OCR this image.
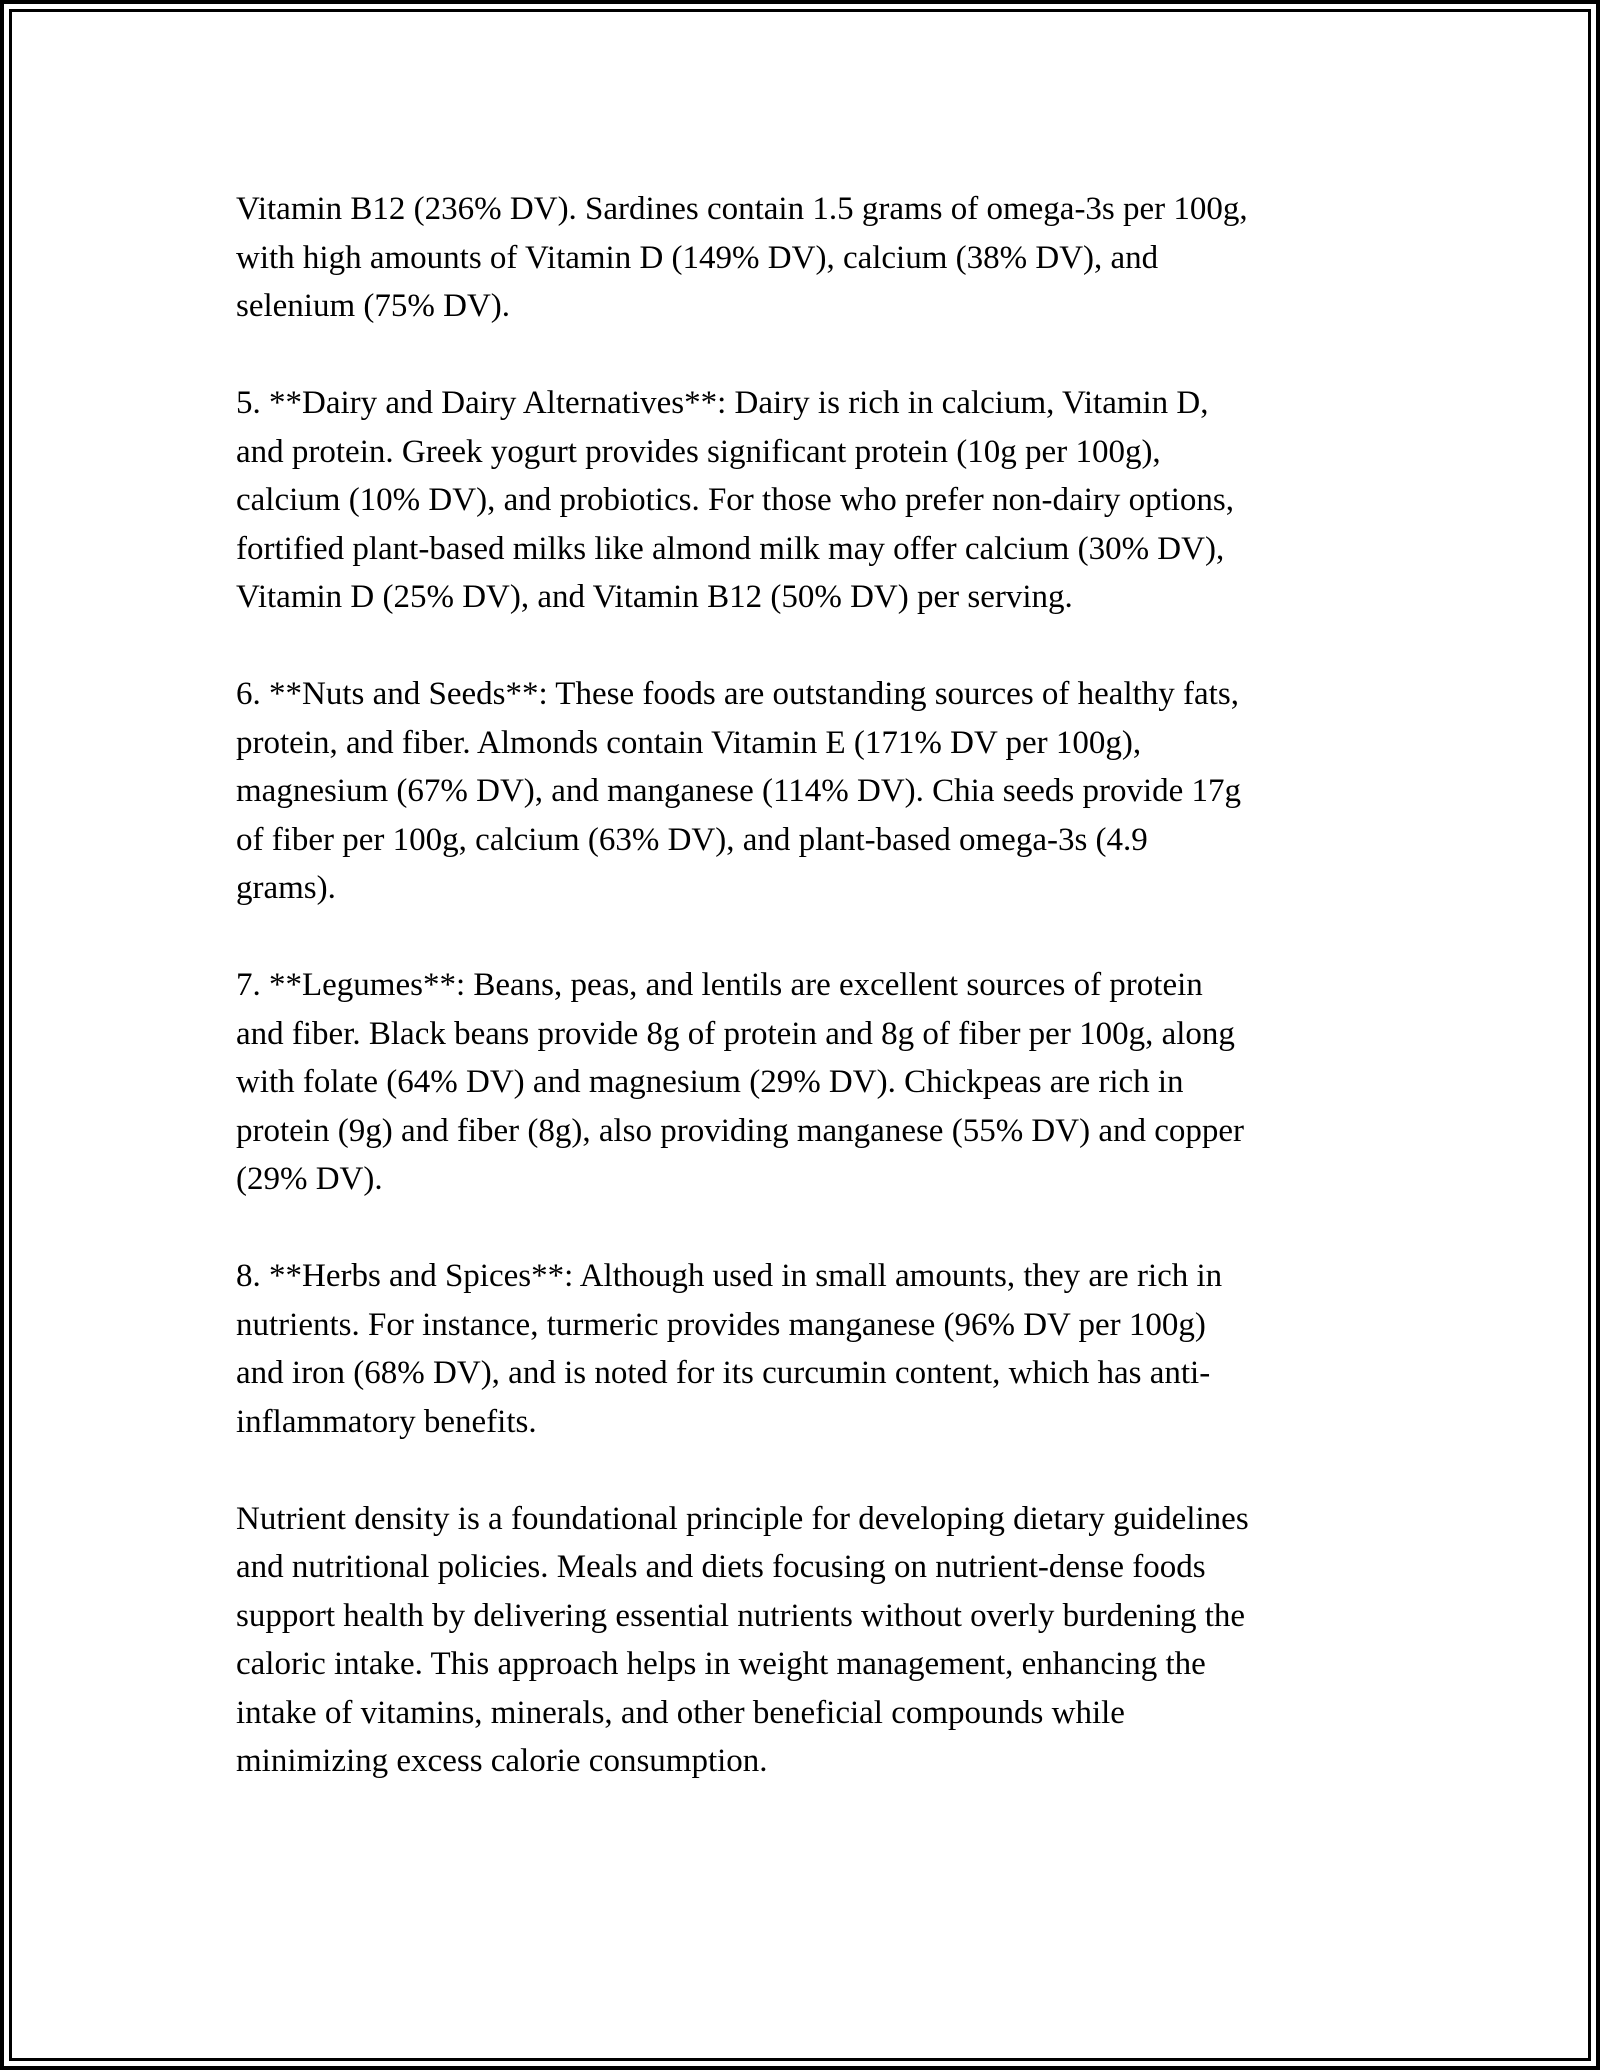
Vitamin B12 (236% DV). Sardines contain 1.5 grams of omega-3s per 100g,
with high amounts of Vitamin D (149% DV), calcium (38% DV), and
selenium (75% DV).

5. **Dairy and Dairy Alternatives**: Dairy is rich in calcium, Vitamin D,
and protein. Greek yogurt provides significant protein (10g per 100g),
calcium (10% DV), and probiotics. For those who prefer non-dairy options,
fortified plant-based milks like almond milk may offer calcium (30% DV),
Vitamin D (25% DV), and Vitamin B12 (50% DV) per serving.

6. **Nuts and Seeds**: These foods are outstanding sources of healthy fats,
protein, and fiber. Almonds contain Vitamin E (171% DV per 100g),
magnesium (67% DV), and manganese (114% DV). Chia seeds provide 17g
of fiber per 100g, calcium (63% DV), and plant-based omega-3s (4.9
grams).

7. **Legumes**: Beans, peas, and lentils are excellent sources of protein
and fiber. Black beans provide 8g of protein and 8g of fiber per 100g, along
with folate (64% DV) and magnesium (29% DV). Chickpeas are rich in
protein (9g) and fiber (8g), also providing manganese (55% DV) and copper
(29% DV).

8. **Herbs and Spices**: Although used in small amounts, they are rich in
nutrients. For instance, turmeric provides manganese (96% DV per 100g)
and iron (68% DV), and is noted for its curcumin content, which has anti-
inflammatory benefits.

Nutrient density is a foundational principle for developing dietary guidelines
and nutritional policies. Meals and diets focusing on nutrient-dense foods
support health by delivering essential nutrients without overly burdening the
caloric intake. This approach helps in weight management, enhancing the
intake of vitamins, minerals, and other beneficial compounds while
minimizing excess calorie consumption.
